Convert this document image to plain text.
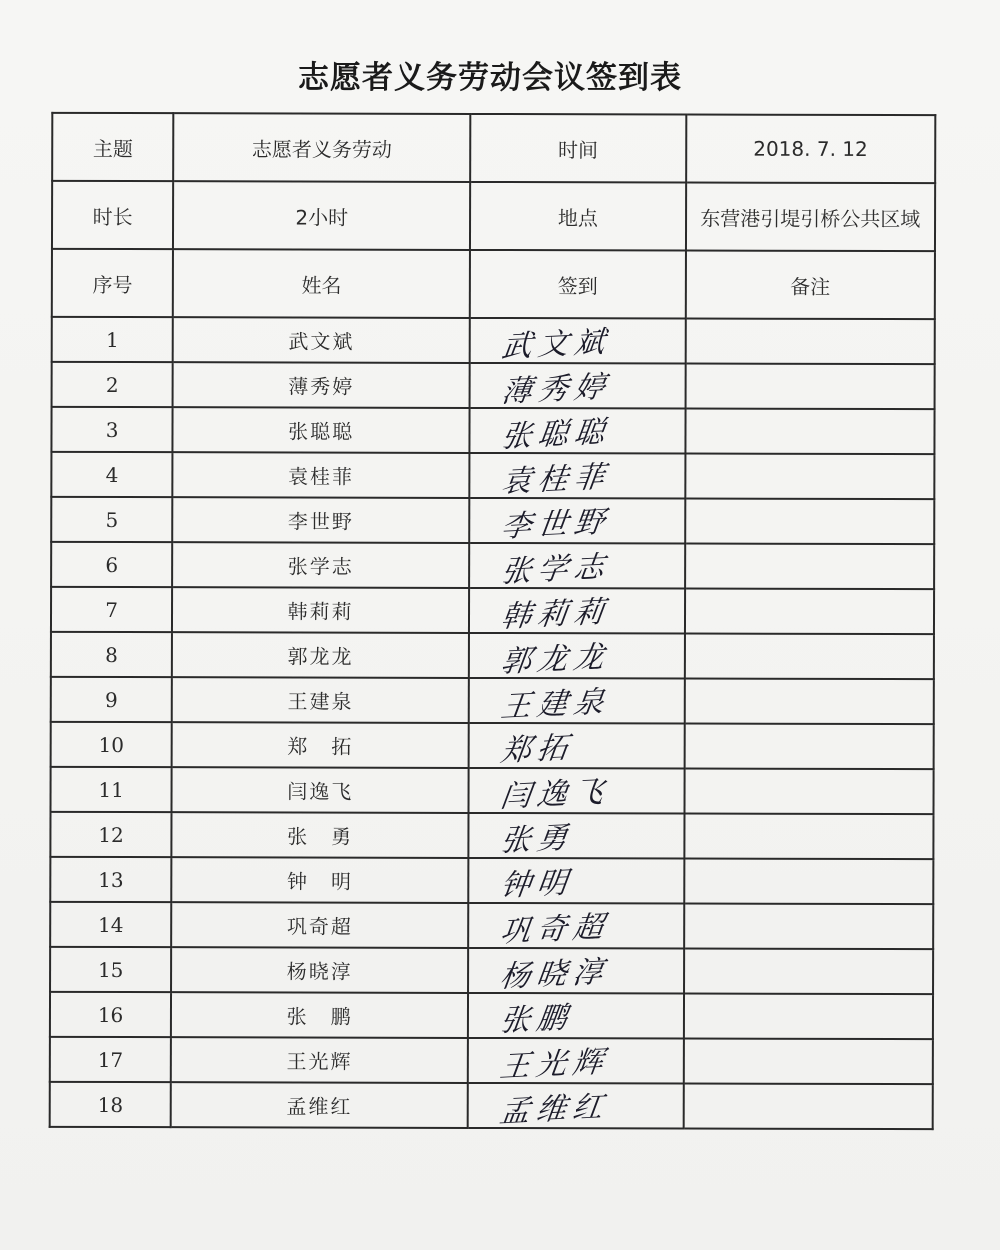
志愿者义务劳动会议签到表
主题	志愿者义务劳动	时间	2018. 7. 12
时长	2小时	地点	东营港引堤引桥公共区域
序号	姓名	签到	备注
1	武文斌	武文斌	

2	薄秀婷	薄秀婷	

3	张聪聪	张聪聪	

4	袁桂菲	袁桂菲	

5	李世野	李世野	

6	张学志	张学志	

7	韩莉莉	韩莉莉	

8	郭龙龙	郭龙龙	

9	王建泉	王建泉	

10	郑　拓	郑拓	

11	闫逸飞	闫逸飞	

12	张　勇	张勇	

13	钟　明	钟明	

14	巩奇超	巩奇超	

15	杨晓淳	杨晓淳	

16	张　鹏	张鹏	

17	王光辉	王光辉	

18	孟维红	孟维红	
